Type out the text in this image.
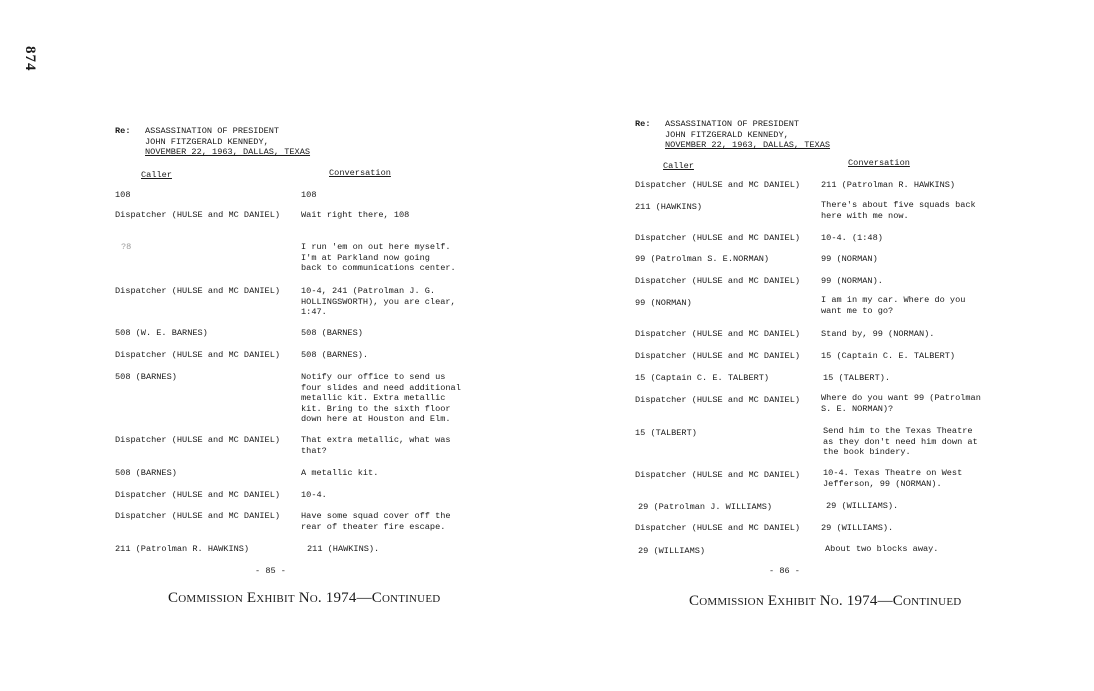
874
Re: ASSASSINATION OF PRESIDENT
JOHN FITZGERALD KENNEDY,
NOVEMBER 22, 1963, DALLAS, TEXAS
Caller	Conversation
108	108
Dispatcher (HULSE and MC DANIEL) Wait right there, 108
?8	I run 'em on out here myself.
I'm at Parkland now going
back to communications center.
Dispatcher (HULSE and MC DANIEL) 10-4, 241 (Patrolman J. G.
HOLLINGSWORTH), you are clear,
1:47.
508 (W. E. BARNES)	508 (BARNES)
Dispatcher (HULSE and MC DANIEL) 508 (BARNES).
508 (BARNES)	Notify our office to send us
four slides and need additional
metallic kit. Extra metallic
kit. Bring to the sixth floor
down here at Houston and Elm.
Dispatcher (HULSE and MC DANIEL) That extra metallic, what was
that?
508 (BARNES)	A metallic kit.
Dispatcher (HULSE and MC DANIEL) 10-4.
Dispatcher (HULSE and MC DANIEL) Have some squad cover off the
rear of theater fire escape.
211 (Patrolman R. HAWKINS)	211 (HAWKINS).
- 85 -
Commission Exhibit No. 1974—Continued
Re: ASSASSINATION OF PRESIDENT
JOHN FITZGERALD KENNEDY,
NOVEMBER 22, 1963, DALLAS, TEXAS
Caller	Conversation
Dispatcher (HULSE and MC DANIEL) 211 (Patrolman R. HAWKINS)
211 (HAWKINS)	There's about five squads back
here with me now.
Dispatcher (HULSE and MC DANIEL) 10-4. (1:48)
99 (Patrolman S. E.NORMAN)	99 (NORMAN)
Dispatcher (HULSE and MC DANIEL) 99 (NORMAN).
99 (NORMAN)	I am in my car. Where do you
want me to go?
Dispatcher (HULSE and MC DANIEL) Stand by, 99 (NORMAN).
Dispatcher (HULSE and MC DANIEL) 15 (Captain C. E. TALBERT)
15 (Captain C. E. TALBERT)	15 (TALBERT).
Dispatcher (HULSE and MC DANIEL) Where do you want 99 (Patrolman
S. E. NORMAN)?
15 (TALBERT)	Send him to the Texas Theatre
as they don't need him down at
the book bindery.
Dispatcher (HULSE and MC DANIEL)	10-4. Texas Theatre on West
Jefferson, 99 (NORMAN).
29 (Patrolman J. WILLIAMS)	29 (WILLIAMS).
Dispatcher (HULSE and MC DANIEL) 29 (WILLIAMS).
29 (WILLIAMS)	About two blocks away.
- 86 -
Commission Exhibit No. 1974—Continued
